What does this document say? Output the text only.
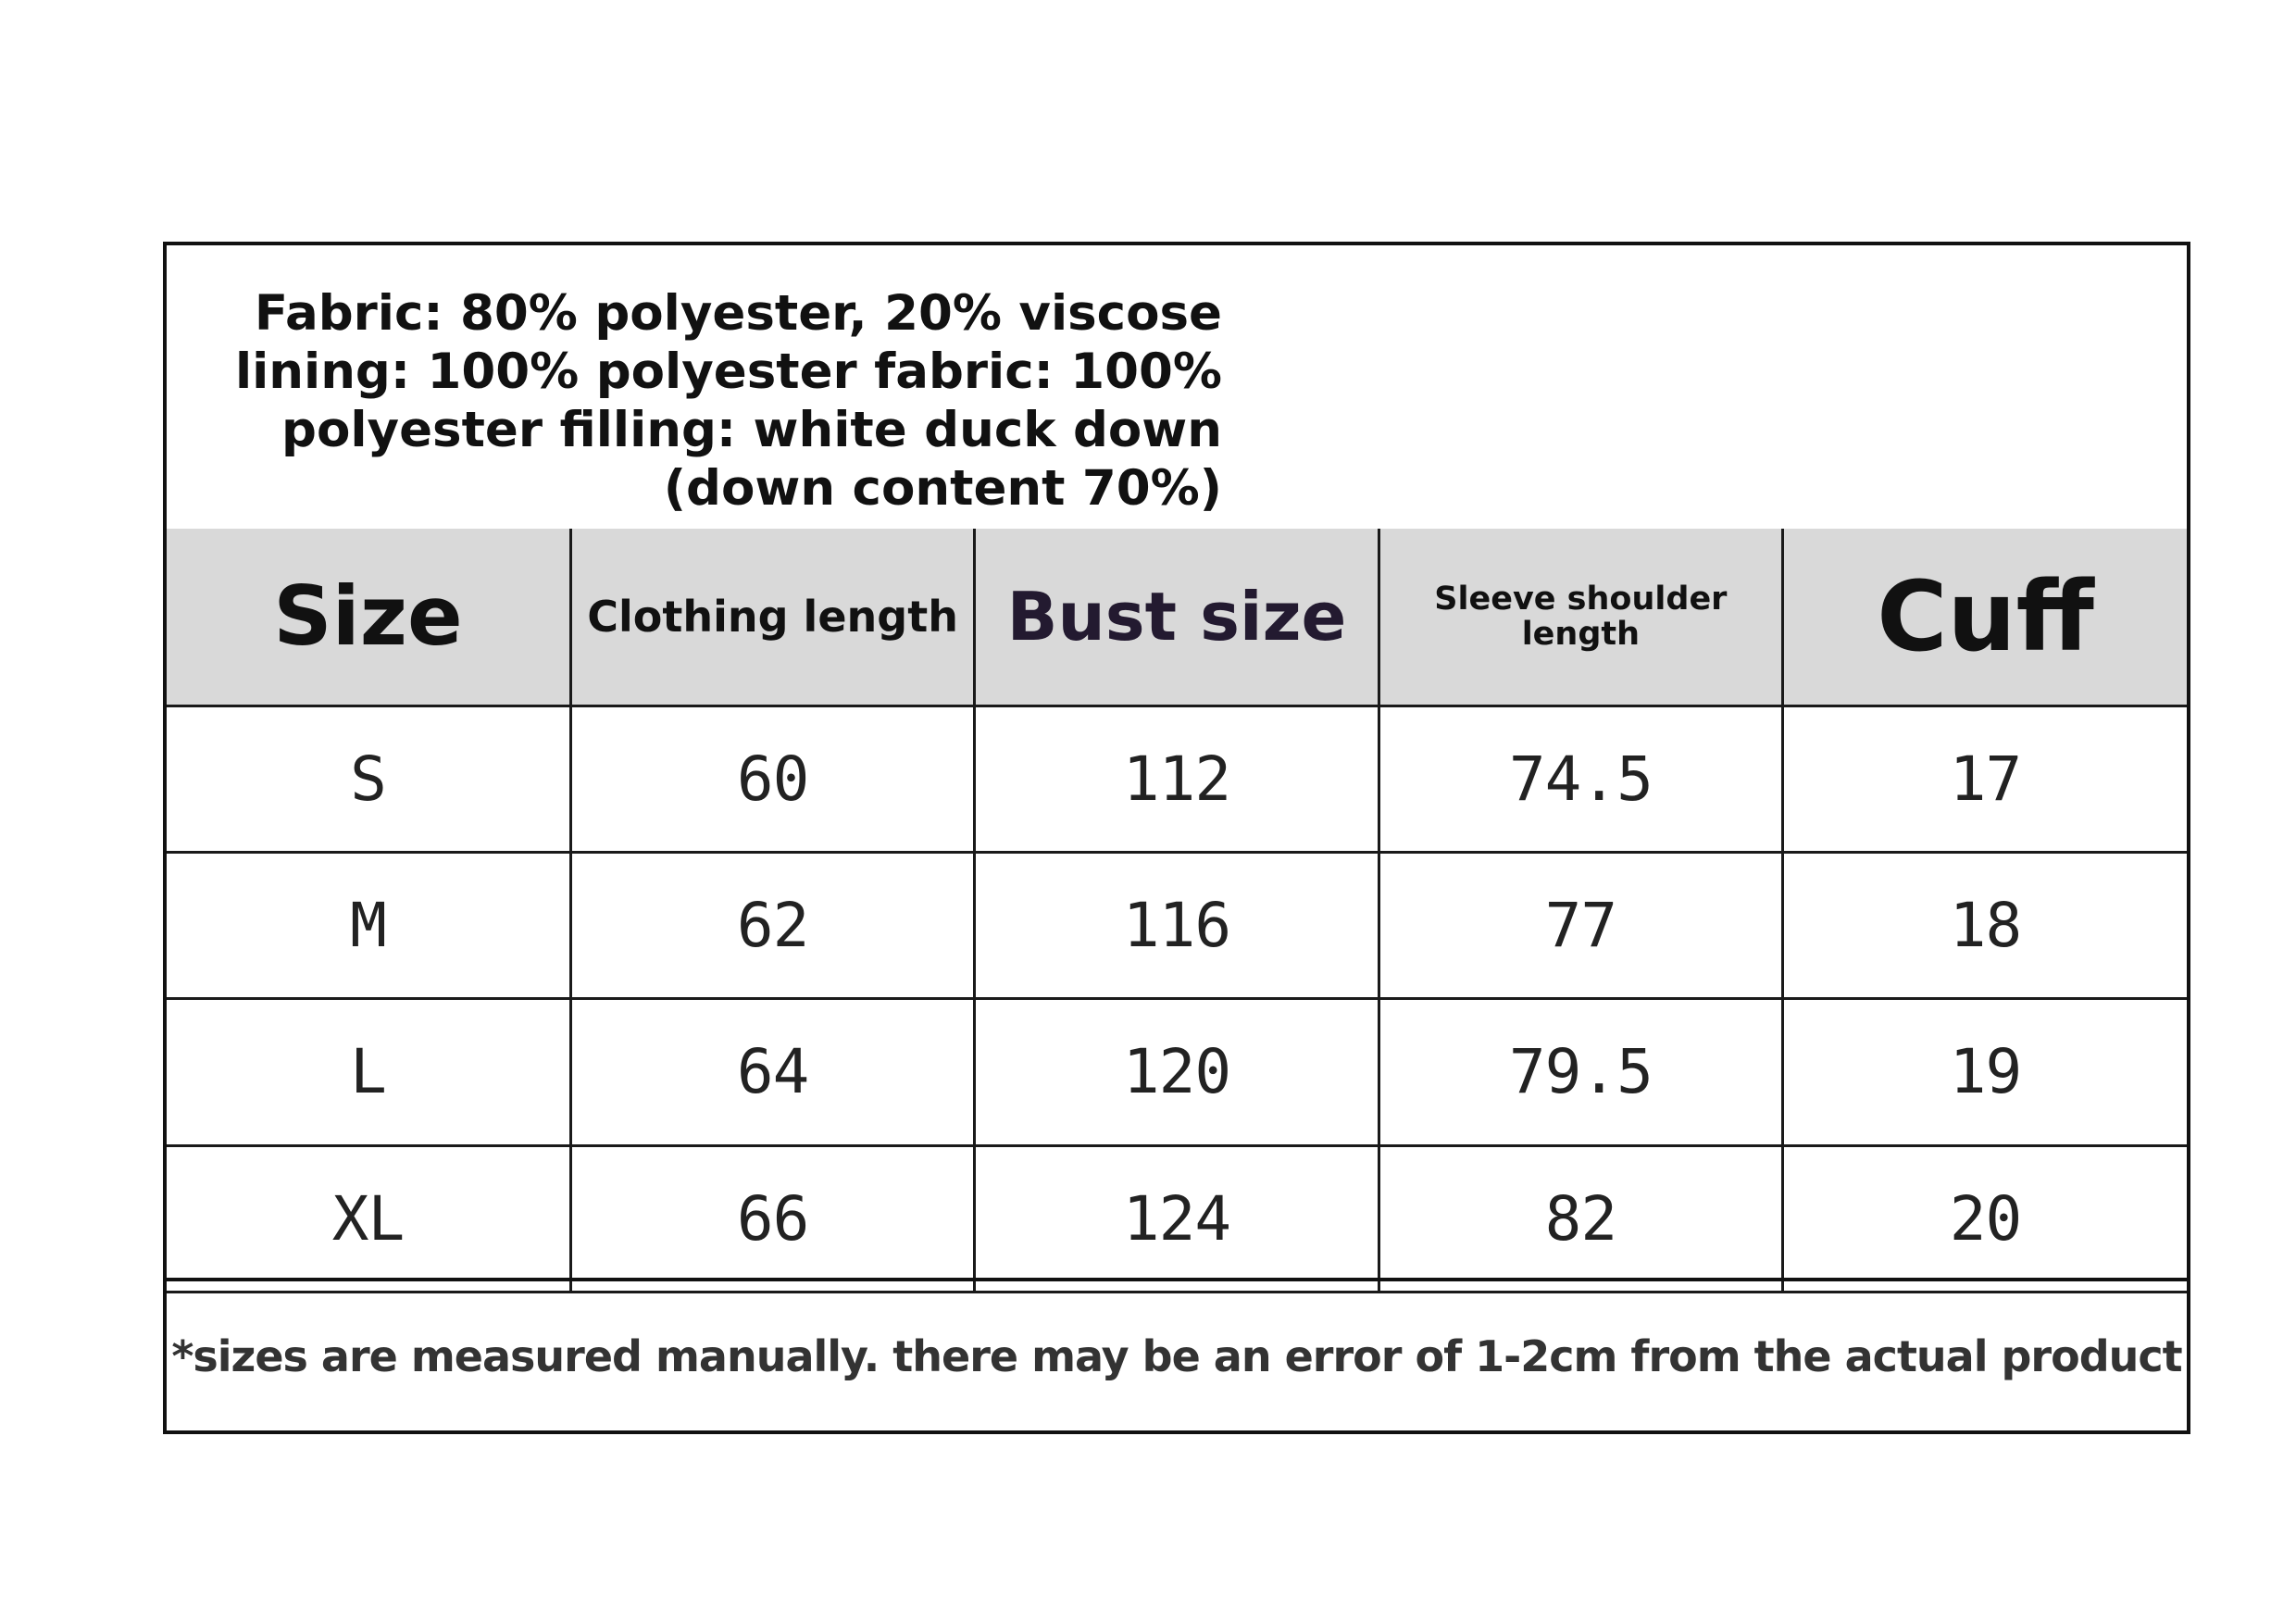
Fabric: 80% polyester, 20% viscose
lining: 100% polyester fabric: 100%
polyester filling: white duck down
(down content 70%)
Size	Clothing length	Bust size	Sleeve shoulder length	Cuff
S	60	112	74.5	17
M	62	116	77	18
L	64	120	79.5	19
XL	66	124	82	20
*sizes are measured manually. there may be an error of 1-2cm from the actual product
